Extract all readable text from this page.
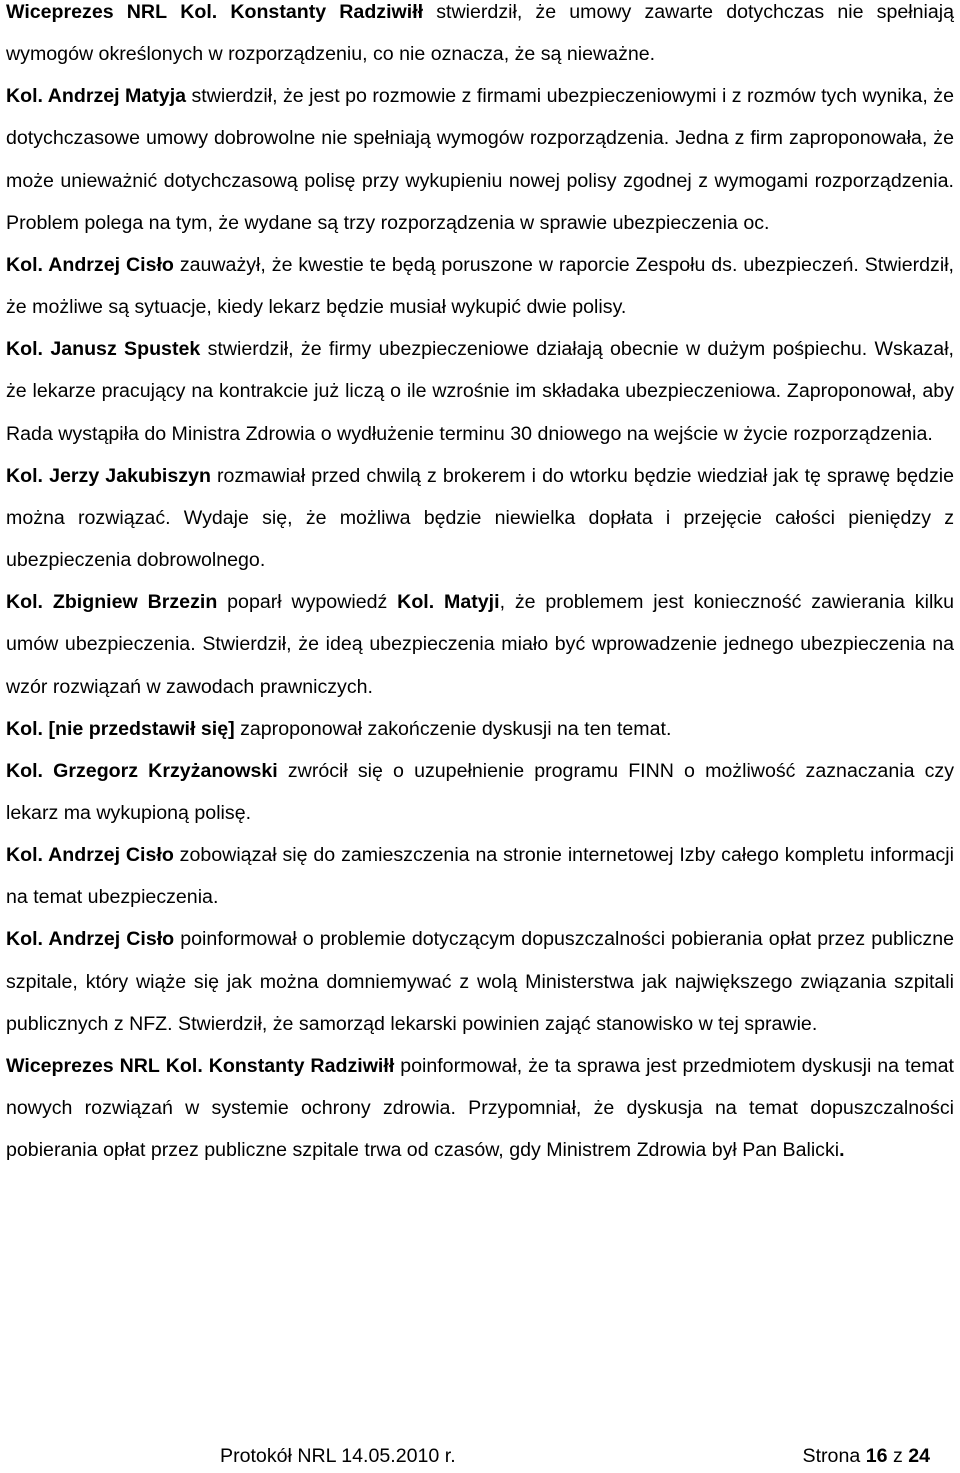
Wiceprezes NRL Kol. Konstanty Radziwiłł stwierdził, że umowy zawarte dotychczas nie spełniają wymogów określonych w rozporządzeniu, co nie oznacza, że są nieważne.

Kol. Andrzej Matyja stwierdził, że jest po rozmowie z firmami ubezpieczeniowymi i z rozmów tych wynika, że dotychczasowe umowy dobrowolne nie spełniają wymogów rozporządzenia. Jedna z firm zaproponowała, że może unieważnić dotychczasową polisę przy wykupieniu nowej polisy zgodnej z wymogami rozporządzenia. Problem polega na tym, że wydane są trzy rozporządzenia w sprawie ubezpieczenia oc.

Kol. Andrzej Cisło zauważył, że kwestie te będą poruszone w raporcie Zespołu ds. ubezpieczeń. Stwierdził, że możliwe są sytuacje, kiedy lekarz będzie musiał wykupić dwie polisy.

Kol. Janusz Spustek stwierdził, że firmy ubezpieczeniowe działają obecnie w dużym pośpiechu. Wskazał, że lekarze pracujący na kontrakcie już liczą o ile wzrośnie im składaka ubezpieczeniowa. Zaproponował, aby Rada wystąpiła do Ministra Zdrowia o wydłużenie terminu 30 dniowego na wejście w życie rozporządzenia.

Kol. Jerzy Jakubiszyn rozmawiał przed chwilą z brokerem i do wtorku będzie wiedział jak tę sprawę będzie można rozwiązać. Wydaje się, że możliwa będzie niewielka dopłata i przejęcie całości pieniędzy z ubezpieczenia dobrowolnego.

Kol. Zbigniew Brzezin poparł wypowiedź Kol. Matyji, że problemem jest konieczność zawierania kilku umów ubezpieczenia. Stwierdził, że ideą ubezpieczenia miało być wprowadzenie jednego ubezpieczenia na wzór rozwiązań w zawodach prawniczych.

Kol. [nie przedstawił się] zaproponował zakończenie dyskusji na ten temat.

Kol. Grzegorz Krzyżanowski zwrócił się o uzupełnienie programu FINN o możliwość zaznaczania czy lekarz ma wykupioną polisę.

Kol. Andrzej Cisło zobowiązał się do zamieszczenia na stronie internetowej Izby całego kompletu informacji na temat ubezpieczenia.

Kol. Andrzej Cisło poinformował o problemie dotyczącym dopuszczalności pobierania opłat przez publiczne szpitale, który wiąże się jak można domniemywać z wolą Ministerstwa jak największego związania szpitali publicznych z NFZ. Stwierdził, że samorząd lekarski powinien zająć stanowisko w tej sprawie.

Wiceprezes NRL Kol. Konstanty Radziwiłł poinformował, że ta sprawa jest przedmiotem dyskusji na temat nowych rozwiązań w systemie ochrony zdrowia. Przypomniał, że dyskusja na temat dopuszczalności pobierania opłat przez publiczne szpitale trwa od czasów, gdy Ministrem Zdrowia był Pan Balicki.

Protokół NRL 14.05.2010 r.	Strona 16 z 24
